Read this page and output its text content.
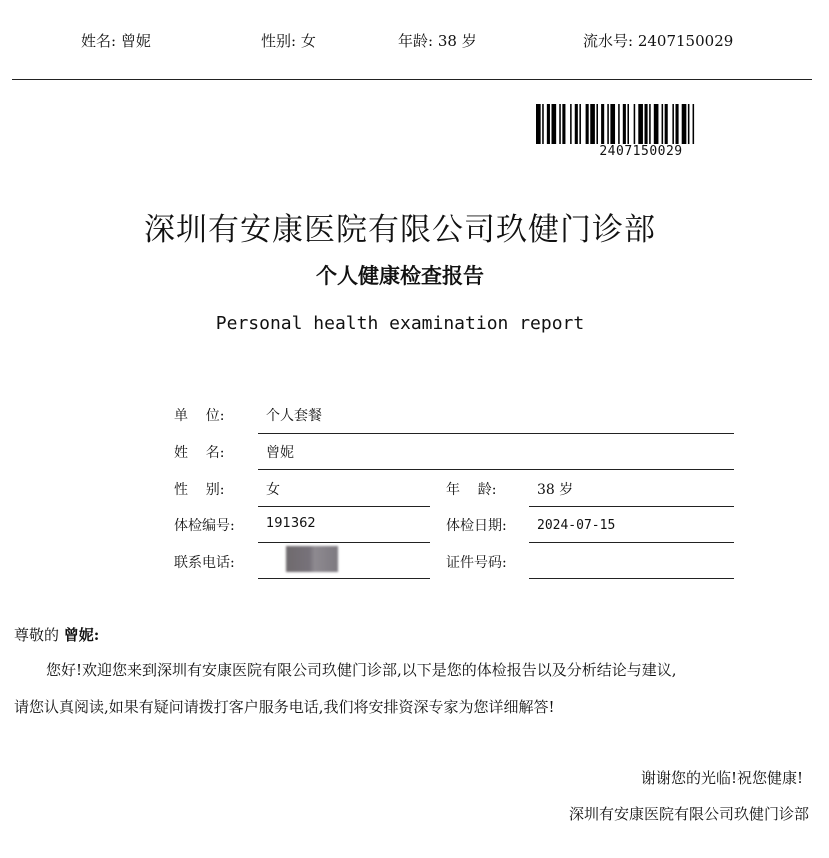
姓名: 曾妮	性别: 女	年龄: 38 岁	流水号: 2407150029
2407150029
深圳有安康医院有限公司玖健门诊部
个人健康检查报告
Personal health examination report
单    位:	个人套餐
姓    名:	曾妮
性    别:	女	年    龄:	38 岁
体检编号: 191362	体检日期: 2024-07-15
联系电话:	证件号码:
尊敬的 曾妮:
您好!欢迎您来到深圳有安康医院有限公司玖健门诊部,以下是您的体检报告以及分析结论与建议,
请您认真阅读,如果有疑问请拨打客户服务电话,我们将安排资深专家为您详细解答!
谢谢您的光临!祝您健康!
深圳有安康医院有限公司玖健门诊部
